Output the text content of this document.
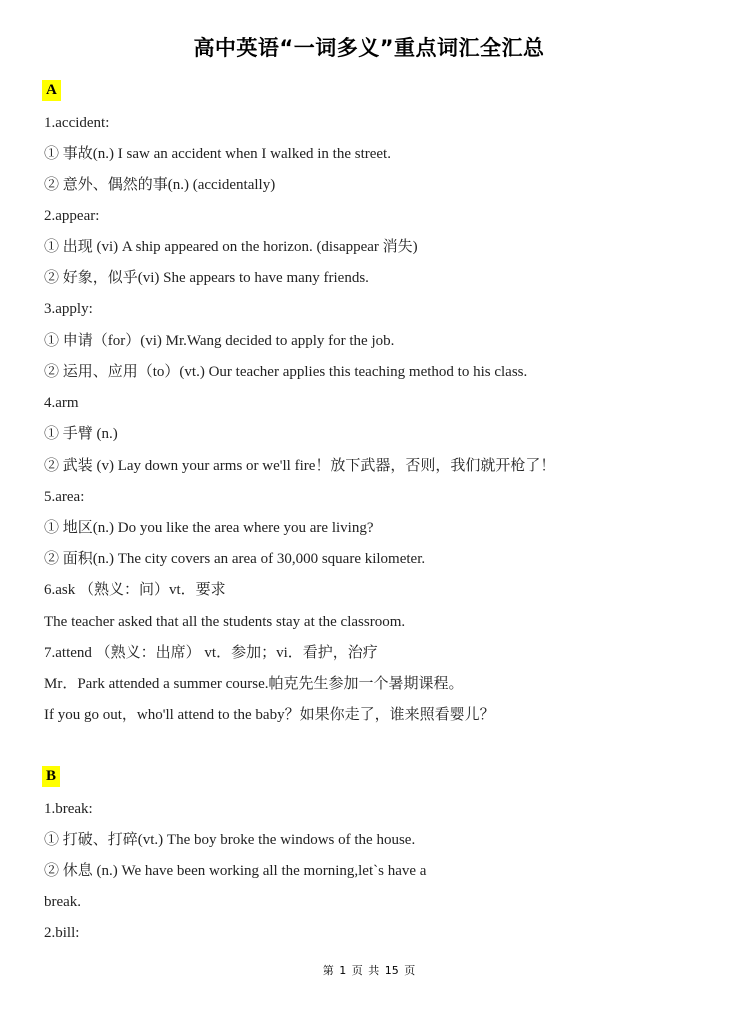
高中英语“一词多义”重点词汇全汇总
A
1.accident:
① 事故(n.) I saw an accident when I walked in the street.
② 意外、偶然的事(n.) (accidentally)
2.appear:
① 出现 (vi) A ship appeared on the horizon. (disappear 消失)
② 好象，似乎(vi) She appears to have many friends.
3.apply:
① 申请（for）(vi) Mr.Wang decided to apply for the job.
② 运用、应用（to）(vt.) Our teacher applies this teaching method to his class.
4.arm
① 手臂 (n.)
② 武装 (v) Lay down your arms or we'll fire！放下武器，否则，我们就开枪了！
5.area:
① 地区(n.) Do you like the area where you are living?
② 面积(n.) The city covers an area of 30,000 square kilometer.
6.ask （熟义：问）vt．要求
The teacher asked that all the students stay at the classroom.
7.attend （熟义：出席） vt．参加；vi．看护，治疗
Mr．Park attended a summer course.帕克先生参加一个暑期课程。
If you go out，who'll attend to the baby？如果你走了，谁来照看婴儿？
B
1.break:
① 打破、打碎(vt.) The boy broke the windows of the house.
② 休息 (n.) We have been working all the morning,let`s have a
break.
2.bill:
第 1 页 共 15 页
